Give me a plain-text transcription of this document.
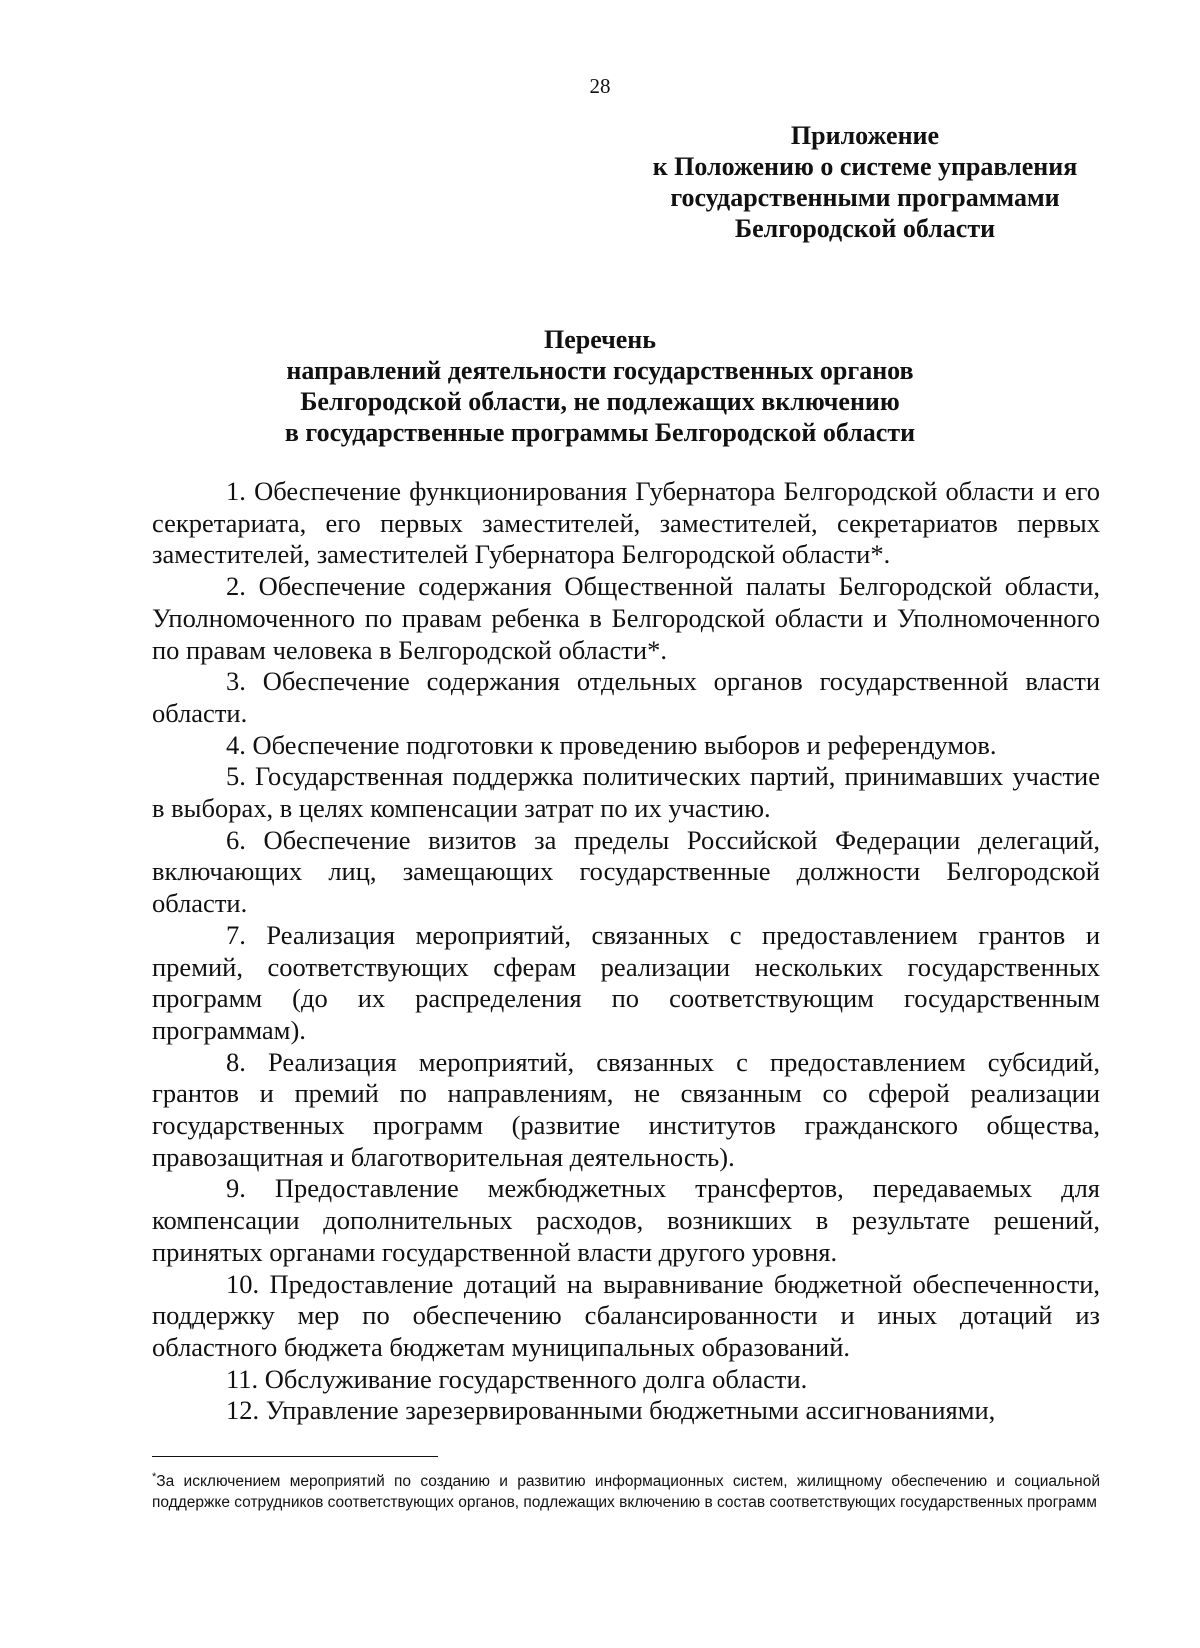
28
Приложение
к Положению о системе управления
государственными программами
Белгородской области
Перечень
направлений деятельности государственных органов
Белгородской области, не подлежащих включению
в государственные программы Белгородской области

1. Обеспечение функционирования Губернатора Белгородской области и его секретариата, его первых заместителей, заместителей, секретариатов первых заместителей, заместителей Губернатора Белгородской области*.

2. Обеспечение содержания Общественной палаты Белгородской области, Уполномоченного по правам ребенка в Белгородской области и Уполномоченного по правам человека в Белгородской области*.

3. Обеспечение содержания отдельных органов государственной власти области.

4. Обеспечение подготовки к проведению выборов и референдумов.

5. Государственная поддержка политических партий, принимавших участие в выборах, в целях компенсации затрат по их участию.

6. Обеспечение визитов за пределы Российской Федерации делегаций, включающих лиц, замещающих государственные должности Белгородской области.

7. Реализация мероприятий, связанных с предоставлением грантов и премий, соответствующих сферам реализации нескольких государственных программ (до их распределения по соответствующим государственным программам).

8. Реализация мероприятий, связанных с предоставлением субсидий, грантов и премий по направлениям, не связанным со сферой реализации государственных программ (развитие институтов гражданского общества, правозащитная и благотворительная деятельность).

9. Предоставление межбюджетных трансфертов, передаваемых для компенсации дополнительных расходов, возникших в результате решений, принятых органами государственной власти другого уровня.

10. Предоставление дотаций на выравнивание бюджетной обеспеченности, поддержку мер по обеспечению сбалансированности и иных дотаций из областного бюджета бюджетам муниципальных образований.

11. Обслуживание государственного долга области.

12. Управление зарезервированными бюджетными ассигнованиями,

*За исключением мероприятий по созданию и развитию информационных систем, жилищному обеспечению и социальной поддержке сотрудников соответствующих органов, подлежащих включению в состав соответствующих государственных программ
